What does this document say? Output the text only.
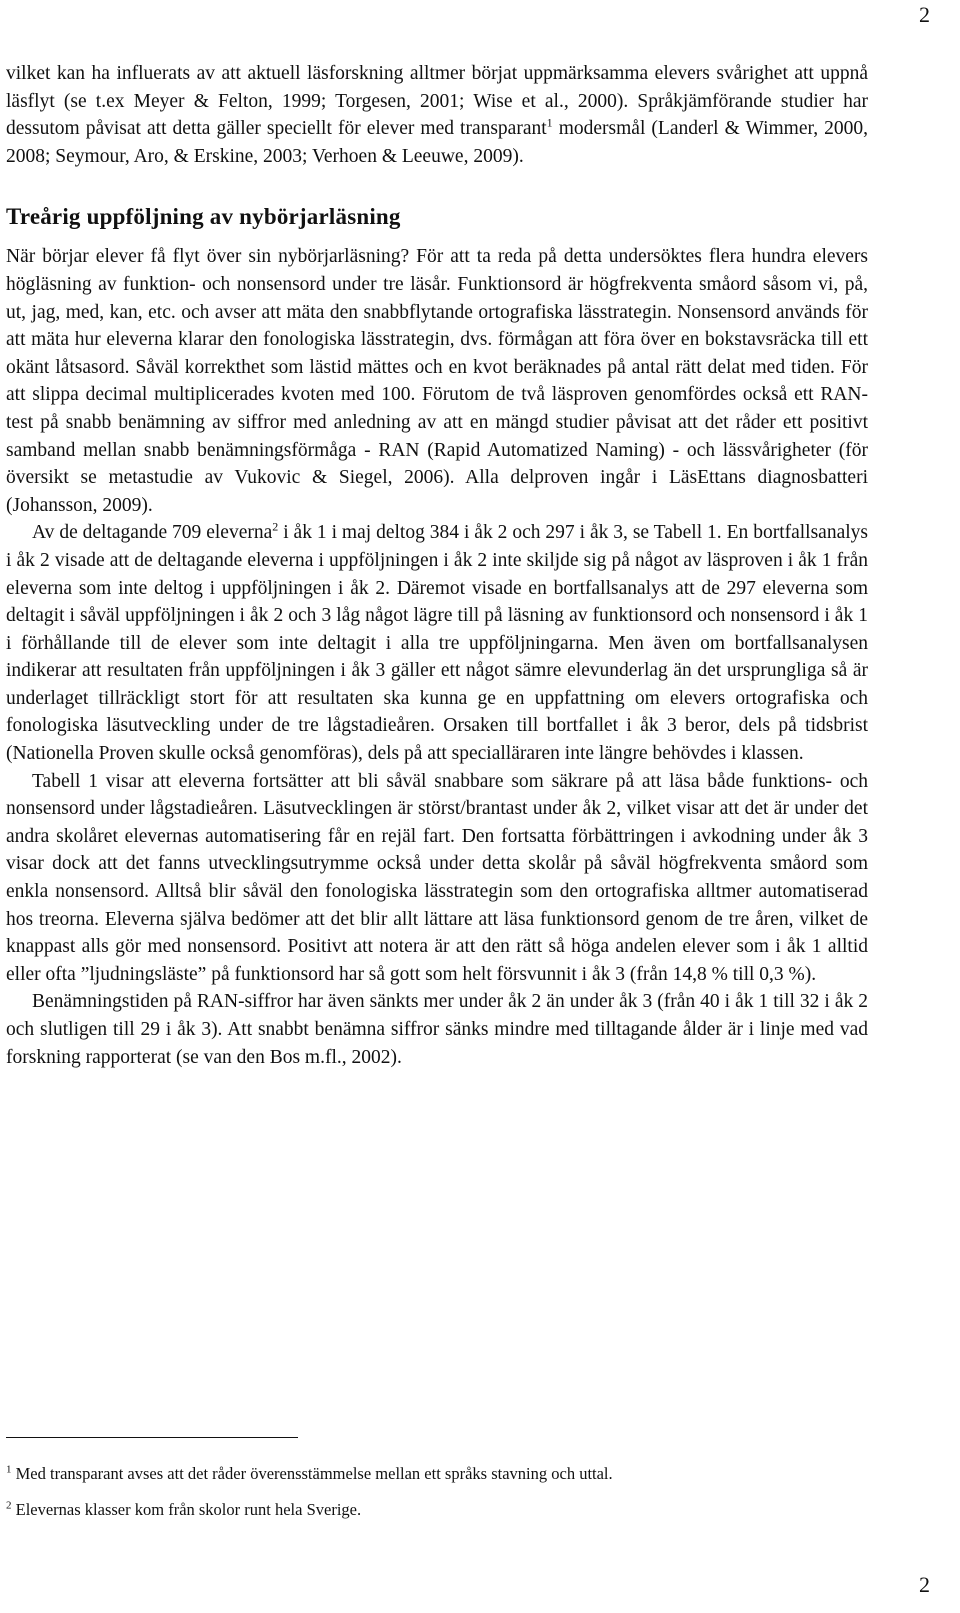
2

vilket kan ha influerats av att aktuell läsforskning alltmer börjat uppmärksamma elevers svårighet att uppnå läsflyt (se t.ex Meyer & Felton, 1999; Torgesen, 2001; Wise et al., 2000). Språkjämförande studier har dessutom påvisat att detta gäller speciellt för elever med transparant$^1$ modersmål (Landerl & Wimmer, 2000, 2008; Seymour, Aro, & Erskine, 2003; Verhoen & Leeuwe, 2009).

Treårig uppföljning av nybörjarläsning

När börjar elever få flyt över sin nybörjarläsning? För att ta reda på detta undersöktes flera hundra elevers högläsning av funktion- och nonsensord under tre läsår. Funktionsord är högfrekventa småord såsom vi, på, ut, jag, med, kan, etc. och avser att mäta den snabbflytande ortografiska lässtrategin. Nonsensord används för att mäta hur eleverna klarar den fonologiska lässtrategin, dvs. förmågan att föra över en bokstavsräcka till ett okänt låtsasord. Såväl korrekthet som lästid mättes och en kvot beräknades på antal rätt delat med tiden. För att slippa decimal multiplicerades kvoten med 100. Förutom de två läsproven genomfördes också ett RAN-test på snabb benämning av siffror med anledning av att en mängd studier påvisat att det råder ett positivt samband mellan snabb benämningsförmåga - RAN (Rapid Automatized Naming) - och lässvårigheter (för översikt se metastudie av Vukovic & Siegel, 2006). Alla delproven ingår i LäsEttans diagnosbatteri (Johansson, 2009).

Av de deltagande 709 eleverna$^2$ i åk 1 i maj deltog 384 i åk 2 och 297 i åk 3, se Tabell 1. En bortfallsanalys i åk 2 visade att de deltagande eleverna i uppföljningen i åk 2 inte skiljde sig på något av läsproven i åk 1 från eleverna som inte deltog i uppföljningen i åk 2. Däremot visade en bortfallsanalys att de 297 eleverna som deltagit i såväl uppföljningen i åk 2 och 3 låg något lägre till på läsning av funktionsord och nonsensord i åk 1 i förhållande till de elever som inte deltagit i alla tre uppföljningarna. Men även om bortfallsanalysen indikerar att resultaten från uppföljningen i åk 3 gäller ett något sämre elevunderlag än det ursprungliga så är underlaget tillräckligt stort för att resultaten ska kunna ge en uppfattning om elevers ortografiska och fonologiska läsutveckling under de tre lågstadieåren. Orsaken till bortfallet i åk 3 beror, dels på tidsbrist (Nationella Proven skulle också genomföras), dels på att specialläraren inte längre behövdes i klassen.

Tabell 1 visar att eleverna fortsätter att bli såväl snabbare som säkrare på att läsa både funktions- och nonsensord under lågstadieåren. Läsutvecklingen är störst/brantast under åk 2, vilket visar att det är under det andra skolåret elevernas automatisering får en rejäl fart. Den fortsatta förbättringen i avkodning under åk 3 visar dock att det fanns utvecklingsutrymme också under detta skolår på såväl högfrekventa småord som enkla nonsensord. Alltså blir såväl den fonologiska lässtrategin som den ortografiska alltmer automatiserad hos treorna. Eleverna själva bedömer att det blir allt lättare att läsa funktionsord genom de tre åren, vilket de knappast alls gör med nonsensord. Positivt att notera är att den rätt så höga andelen elever som i åk 1 alltid eller ofta ”ljudningsläste” på funktionsord har så gott som helt försvunnit i åk 3 (från 14,8 % till 0,3 %).

Benämningstiden på RAN-siffror har även sänkts mer under åk 2 än under åk 3 (från 40 i åk 1 till 32 i åk 2 och slutligen till 29 i åk 3). Att snabbt benämna siffror sänks mindre med tilltagande ålder är i linje med vad forskning rapporterat (se van den Bos m.fl., 2002).

$^1$ Med transparant avses att det råder överensstämmelse mellan ett språks stavning och uttal.
$^2$ Elevernas klasser kom från skolor runt hela Sverige.
2
